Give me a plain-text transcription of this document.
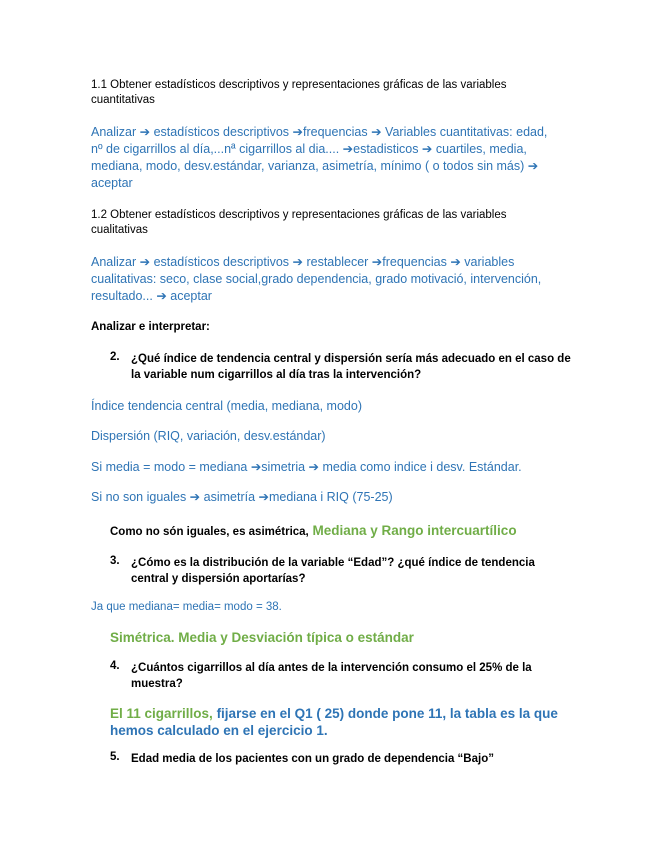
1.1 Obtener estadísticos descriptivos y representaciones gráficas de las variables cuantitativas
Analizar ➔ estadísticos descriptivos ➔frequencias ➔ Variables cuantitativas: edad, nº de cigarrillos al día,...nª cigarrillos al dia.... ➔estadisticos ➔ cuartiles, media, mediana, modo, desv.estándar, varianza, asimetría, mínimo ( o todos sin más) ➔ aceptar
1.2 Obtener estadísticos descriptivos y representaciones gráficas de las variables cualitativas
Analizar ➔ estadísticos descriptivos ➔ restablecer ➔frequencias ➔ variables cualitativas: seco, clase social,grado dependencia, grado motivació, intervención, resultado... ➔ aceptar
Analizar e interpretar:
2. ¿Qué índice de tendencia central y dispersión sería más adecuado en el caso de la variable num cigarrillos al día tras la intervención?
Índice tendencia central (media, mediana, modo)
Dispersión (RIQ, variación, desv.estándar)
Si media = modo = mediana ➔simetria ➔ media como indice i desv. Estándar.
Si no son iguales ➔ asimetría ➔mediana i RIQ (75-25)
Como no són iguales, es asimétrica, Mediana y Rango intercuartílico
3. ¿Cómo es la distribución de la variable “Edad”? ¿qué índice de tendencia central y dispersión aportarías?
Ja que mediana= media= modo = 38.
Simétrica. Media y Desviación típica o estándar
4. ¿Cuántos cigarrillos al día antes de la intervención consumo el 25% de la muestra?
El 11 cigarrillos, fijarse en el Q1 ( 25) donde pone 11, la tabla es la que hemos calculado en el ejercicio 1.
5. Edad media de los pacientes con un grado de dependencia “Bajo”
